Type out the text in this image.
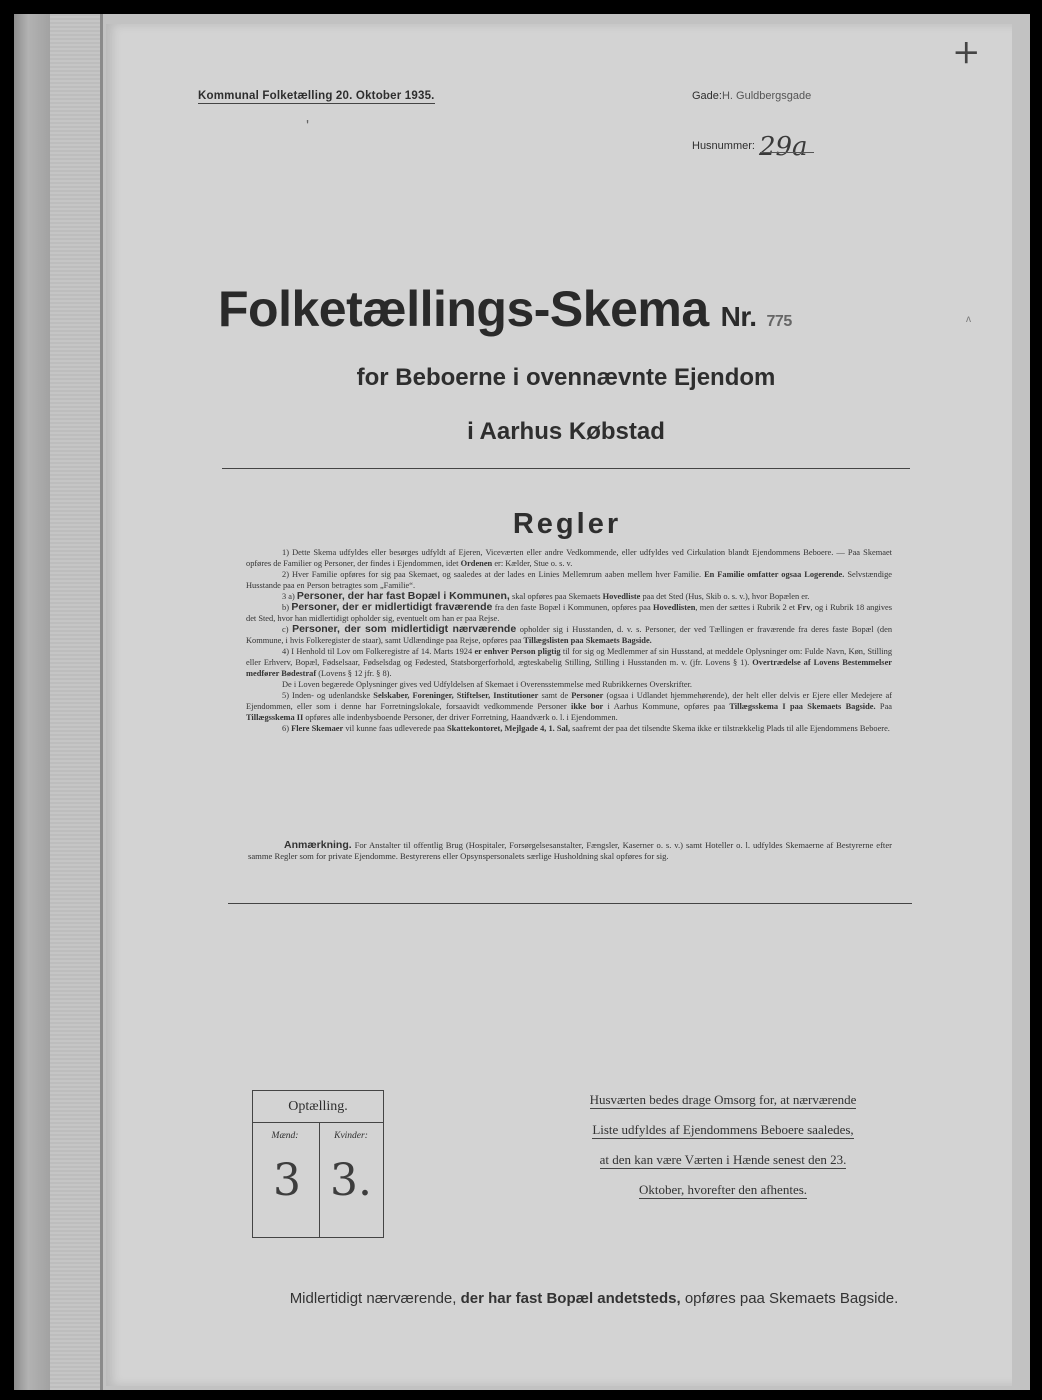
+
'
ʌ
Kommunal Folketælling 20. Oktober 1935.	Gade:H. Guldbergsgade
Husnummer: 29a
Folketællings-Skema Nr. 775
for Beboerne i ovennævnte Ejendom
i Aarhus Købstad
Regler

1) Dette Skema udfyldes eller besørges udfyldt af Ejeren, Viceværten eller andre Vedkommende, eller udfyldes ved Cirkulation blandt Ejendommens Beboere. — Paa Skemaet opføres de Familier og Personer, der findes i Ejendommen, idet Ordenen er: Kælder, Stue o. s. v.

2) Hver Familie opføres for sig paa Skemaet, og saaledes at der lades en Linies Mellemrum aaben mellem hver Familie. En Familie omfatter ogsaa Logerende. Selvstændige Husstande paa en Person betragtes som „Familie“.

3 a) Personer, der har fast Bopæl i Kommunen, skal opføres paa Skemaets Hovedliste paa det Sted (Hus, Skib o. s. v.), hvor Bopælen er.

b) Personer, der er midlertidigt fraværende fra den faste Bopæl i Kommunen, opføres paa Hovedlisten, men der sættes i Rubrik 2 et Frv, og i Rubrik 18 angives det Sted, hvor han midlertidigt opholder sig, eventuelt om han er paa Rejse.

c) Personer, der som midlertidigt nærværende opholder sig i Husstanden, d. v. s. Personer, der ved Tællingen er fraværende fra deres faste Bopæl (den Kommune, i hvis Folkeregister de staar), samt Udlændinge paa Rejse, opføres paa Tillægslisten paa Skemaets Bagside.

4) I Henhold til Lov om Folkeregistre af 14. Marts 1924 er enhver Person pligtig til for sig og Medlemmer af sin Husstand, at meddele Oplysninger om: Fulde Navn, Køn, Stilling eller Erhverv, Bopæl, Fødselsaar, Fødselsdag og Fødested, Statsborgerforhold, ægteskabelig Stilling, Stilling i Husstanden m. v. (jfr. Lovens § 1). Overtrædelse af Lovens Bestemmelser medfører Bødestraf (Lovens § 12 jfr. § 8).

De i Loven begærede Oplysninger gives ved Udfyldelsen af Skemaet i Overensstemmelse med Rubrikkernes Overskrifter.

5) Inden- og udenlandske Selskaber, Foreninger, Stiftelser, Institutioner samt de Personer (ogsaa i Udlandet hjemmehørende), der helt eller delvis er Ejere eller Medejere af Ejendommen, eller som i denne har Forretningslokale, forsaavidt vedkommende Personer ikke bor i Aarhus Kommune, opføres paa Tillægsskema I paa Skemaets Bagside. Paa Tillægsskema II opføres alle indenbysboende Personer, der driver Forretning, Haandværk o. l. i Ejendommen.

6) Flere Skemaer vil kunne faas udleverede paa Skattekontoret, Mejlgade 4, 1. Sal, saafremt der paa det tilsendte Skema ikke er tilstrækkelig Plads til alle Ejendommens Beboere.

Anmærkning. For Anstalter til offentlig Brug (Hospitaler, Forsørgelsesanstalter, Fængsler, Kaserner o. s. v.) samt Hoteller o. l. udfyldes Skemaerne af Bestyrerne efter samme Regler som for private Ejendomme. Bestyrerens eller Opsynspersonalets særlige Husholdning skal opføres for sig.

Optælling.
Mænd:	Kvinder:
3 3.
Husværten bedes drage Omsorg for, at nærværende
Liste udfyldes af Ejendommens Beboere saaledes,
at den kan være Værten i Hænde senest den 23.
Oktober, hvorefter den afhentes.
Midlertidigt nærværende, der har fast Bopæl andetsteds, opføres paa Skemaets Bagside.
